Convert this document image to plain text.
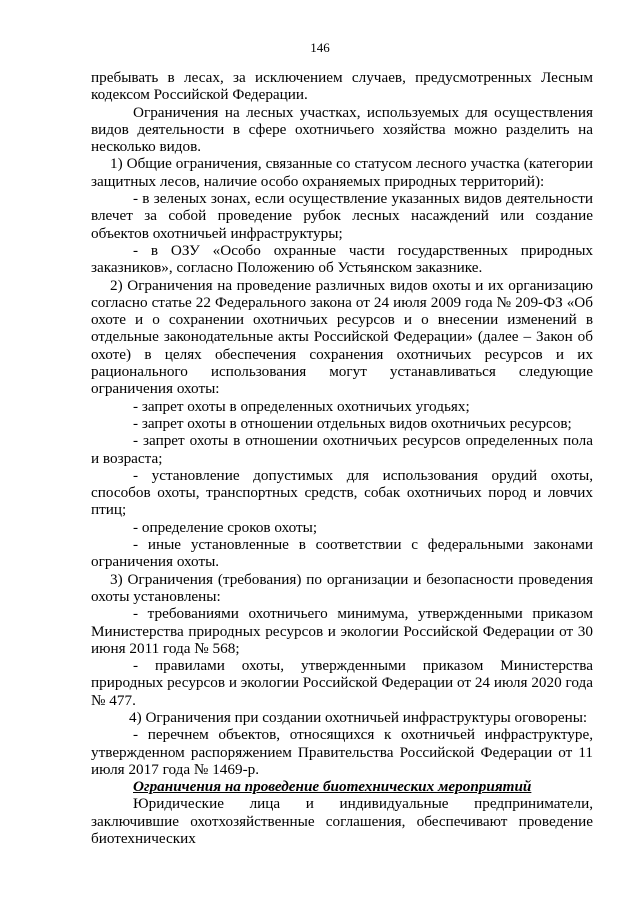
146

пребывать в лесах, за исключением случаев, предусмотренных Лесным кодексом Российской Федерации.

Ограничения на лесных участках, используемых для осуществления видов деятельности в сфере охотничьего хозяйства можно разделить на несколько видов.

1) Общие ограничения, связанные со статусом лесного участка (категории защитных лесов, наличие особо охраняемых природных территорий):

- в зеленых зонах, если осуществление указанных видов деятельности влечет за собой проведение рубок лесных насаждений или создание объектов охотничьей инфраструктуры;

- в ОЗУ «Особо охранные части государственных природных заказников», согласно Положению об Устьянском заказнике.

2) Ограничения на проведение различных видов охоты и их организацию согласно статье 22 Федерального закона от 24 июля 2009 года № 209-ФЗ «Об охоте и о сохранении охотничьих ресурсов и о внесении изменений в отдельные законодательные акты Российской Федерации» (далее – Закон об охоте) в целях обеспечения сохранения охотничьих ресурсов и их рационального использования могут устанавливаться следующие ограничения охоты:

- запрет охоты в определенных охотничьих угодьях;

- запрет охоты в отношении отдельных видов охотничьих ресурсов;

- запрет охоты в отношении охотничьих ресурсов определенных пола и возраста;

- установление допустимых для использования орудий охоты, способов охоты, транспортных средств, собак охотничьих пород и ловчих птиц;

- определение сроков охоты;

- иные установленные в соответствии с федеральными законами ограничения охоты.

3) Ограничения (требования) по организации и безопасности проведения охоты установлены:

- требованиями охотничьего минимума, утвержденными приказом Министерства природных ресурсов и экологии Российской Федерации от 30 июня 2011 года № 568;

- правилами охоты, утвержденными приказом Министерства природных ресурсов и экологии Российской Федерации от 24 июля 2020 года № 477.

4) Ограничения при создании охотничьей инфраструктуры оговорены:

- перечнем объектов, относящихся к охотничьей инфраструктуре, утвержденном распоряжением Правительства Российской Федерации от 11 июля 2017 года № 1469-р.

Ограничения на проведение биотехнических мероприятий

Юридические лица и индивидуальные предприниматели, заключившие охотхозяйственные соглашения, обеспечивают проведение биотехнических
